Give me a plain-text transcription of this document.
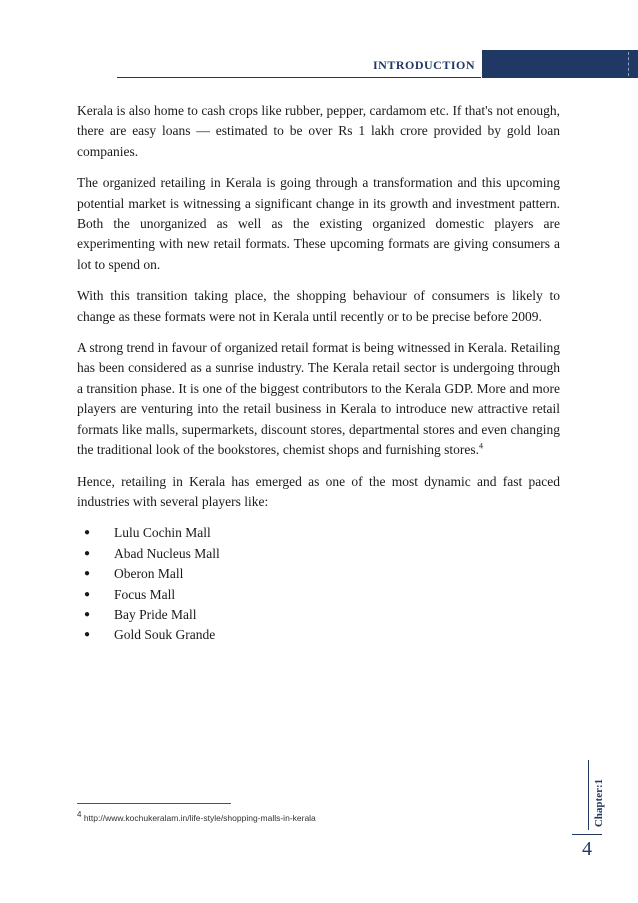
INTRODUCTION

Kerala is also home to cash crops like rubber, pepper, cardamom etc. If that's not enough, there are easy loans — estimated to be over Rs 1 lakh crore provided by gold loan companies.

The organized retailing in Kerala is going through a transformation and this upcoming potential market is witnessing a significant change in its growth and investment pattern. Both the unorganized as well as the existing organized domestic players are experimenting with new retail formats. These upcoming formats are giving consumers a lot to spend on.

With this transition taking place, the shopping behaviour of consumers is likely to change as these formats were not in Kerala until recently or to be precise before 2009.

A strong trend in favour of organized retail format is being witnessed in Kerala. Retailing has been considered as a sunrise industry. The Kerala retail sector is undergoing through a transition phase. It is one of the biggest contributors to the Kerala GDP. More and more players are venturing into the retail business in Kerala to introduce new attractive retail formats like malls, supermarkets, discount stores, departmental stores and even changing the traditional look of the bookstores, chemist shops and furnishing stores.$^4$

Hence, retailing in Kerala has emerged as one of the most dynamic and fast paced industries with several players like:

● Lulu Cochin Mall
● Abad Nucleus Mall
● Oberon Mall
● Focus Mall
● Bay Pride Mall
● Gold Souk Grande
4 http://www.kochukeralam.in/life-style/shopping-malls-in-kerala	Chapter:1
4
